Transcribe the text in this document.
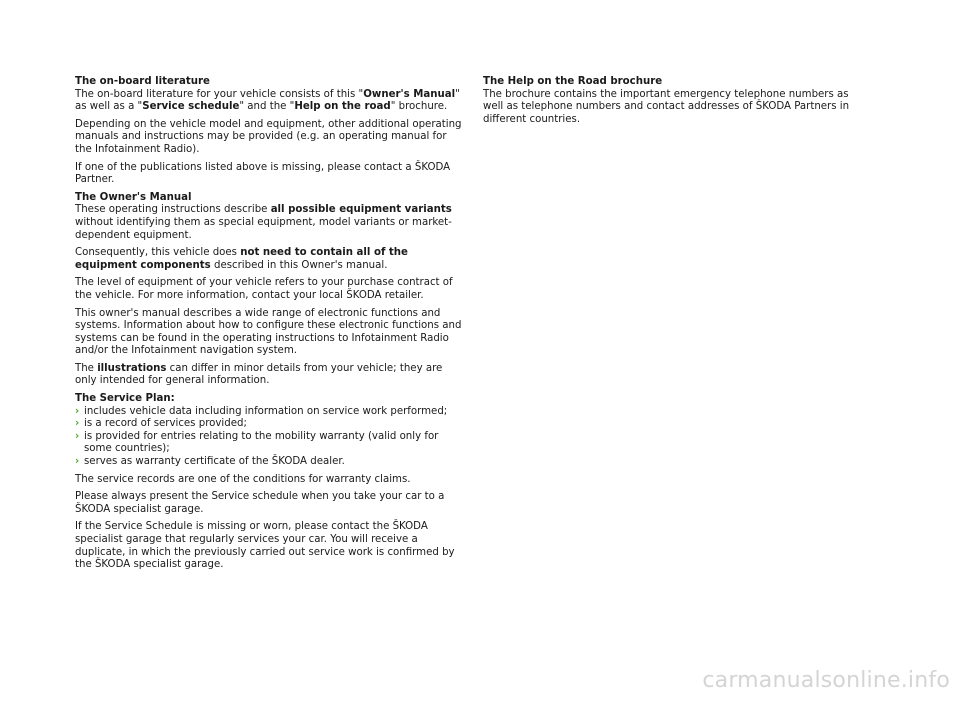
The on-board literature
The on-board literature for your vehicle consists of this "Owner's Manual" as well as a "Service schedule" and the "Help on the road" brochure.

Depending on the vehicle model and equipment, other additional operating manuals and instructions may be provided (e.g. an operating manual for the Infotainment Radio).

If one of the publications listed above is missing, please contact a ŠKODA Partner.

The Owner's Manual
These operating instructions describe all possible equipment variants without identifying them as special equipment, model variants or market-dependent equipment.

Consequently, this vehicle does not need to contain all of the equipment components described in this Owner's manual.

The level of equipment of your vehicle refers to your purchase contract of the vehicle. For more information, contact your local ŠKODA retailer.

This owner's manual describes a wide range of electronic functions and systems. Information about how to configure these electronic functions and systems can be found in the operating instructions to Infotainment Radio and/or the Infotainment navigation system.

The illustrations can differ in minor details from your vehicle; they are only intended for general information.

The Service Plan:
› includes vehicle data including information on service work performed;
› is a record of services provided;
› is provided for entries relating to the mobility warranty (valid only for some countries);
› serves as warranty certificate of the ŠKODA dealer.

The service records are one of the conditions for warranty claims.

Please always present the Service schedule when you take your car to a ŠKODA specialist garage.

If the Service Schedule is missing or worn, please contact the ŠKODA specialist garage that regularly services your car. You will receive a duplicate, in which the previously carried out service work is confirmed by the ŠKODA specialist garage.

The Help on the Road brochure

The brochure contains the important emergency telephone numbers as well as telephone numbers and contact addresses of ŠKODA Partners in different countries.

carmanualsonline.info
